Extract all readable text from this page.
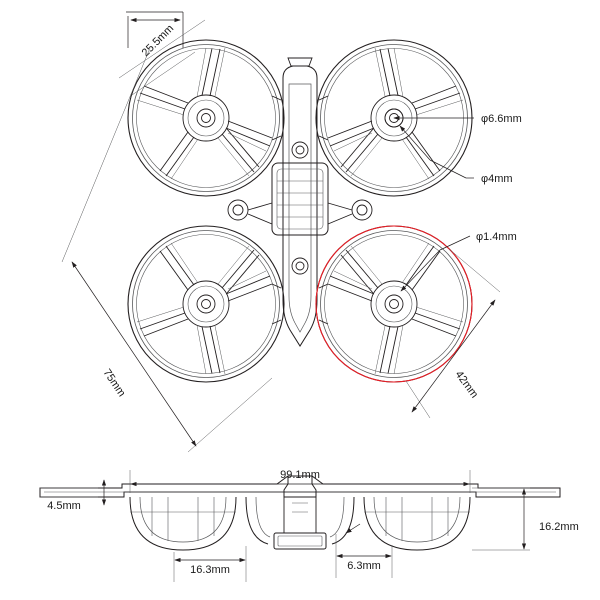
25.5mm
φ6.6mm
φ4mm
φ1.4mm
75mm	42mm
99.1mm
4.5mm
16.2mm
16.3mm	6.3mm
